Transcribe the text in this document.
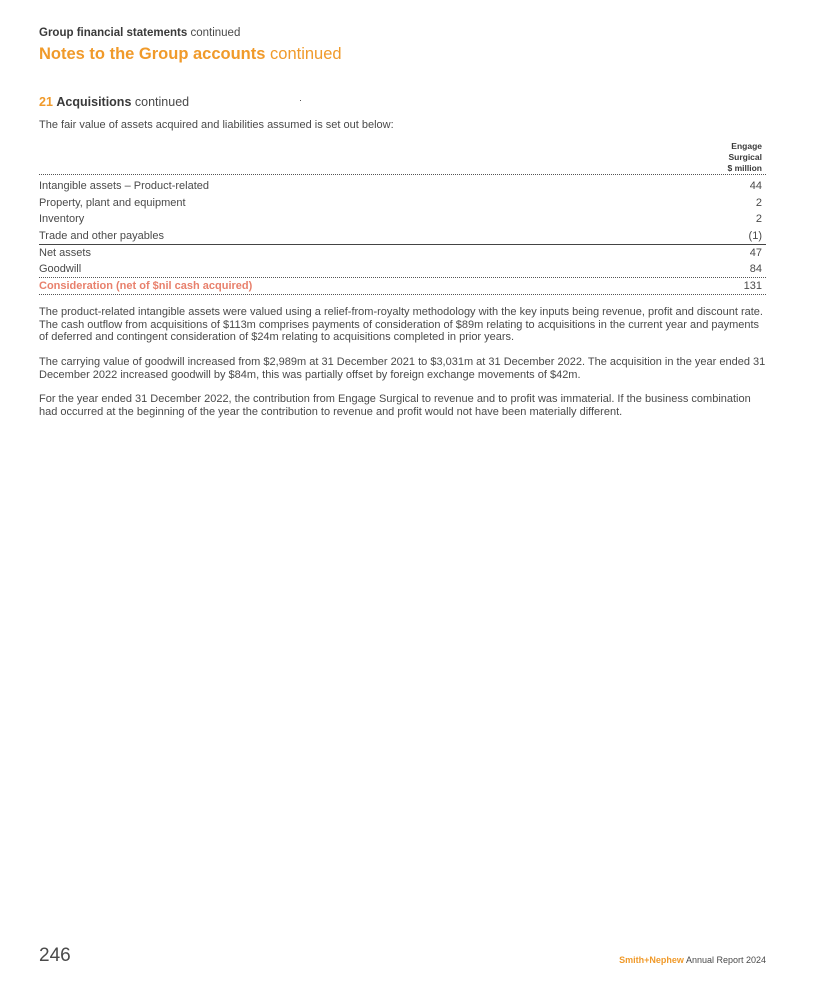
Group financial statements continued
Notes to the Group accounts continued
21 Acquisitions continued
The fair value of assets acquired and liabilities assumed is set out below:
Engage
Surgical
$ million
Intangible assets – Product-related	44
Property, plant and equipment	2
Inventory	2
Trade and other payables	(1)
Net assets	47
Goodwill	84
Consideration (net of $nil cash acquired)	131

The product-related intangible assets were valued using a relief-from-royalty methodology with the key inputs being revenue, profit and discount rate. The cash outflow from acquisitions of $113m comprises payments of consideration of $89m relating to acquisitions in the current year and payments of deferred and contingent consideration of $24m relating to acquisitions completed in prior years.

The carrying value of goodwill increased from $2,989m at 31 December 2021 to $3,031m at 31 December 2022. The acquisition in the year ended 31 December 2022 increased goodwill by $84m, this was partially offset by foreign exchange movements of $42m.

For the year ended 31 December 2022, the contribution from Engage Surgical to revenue and to profit was immaterial. If the business combination had occurred at the beginning of the year the contribution to revenue and profit would not have been materially different.

246	Smith+Nephew Annual Report 2024
